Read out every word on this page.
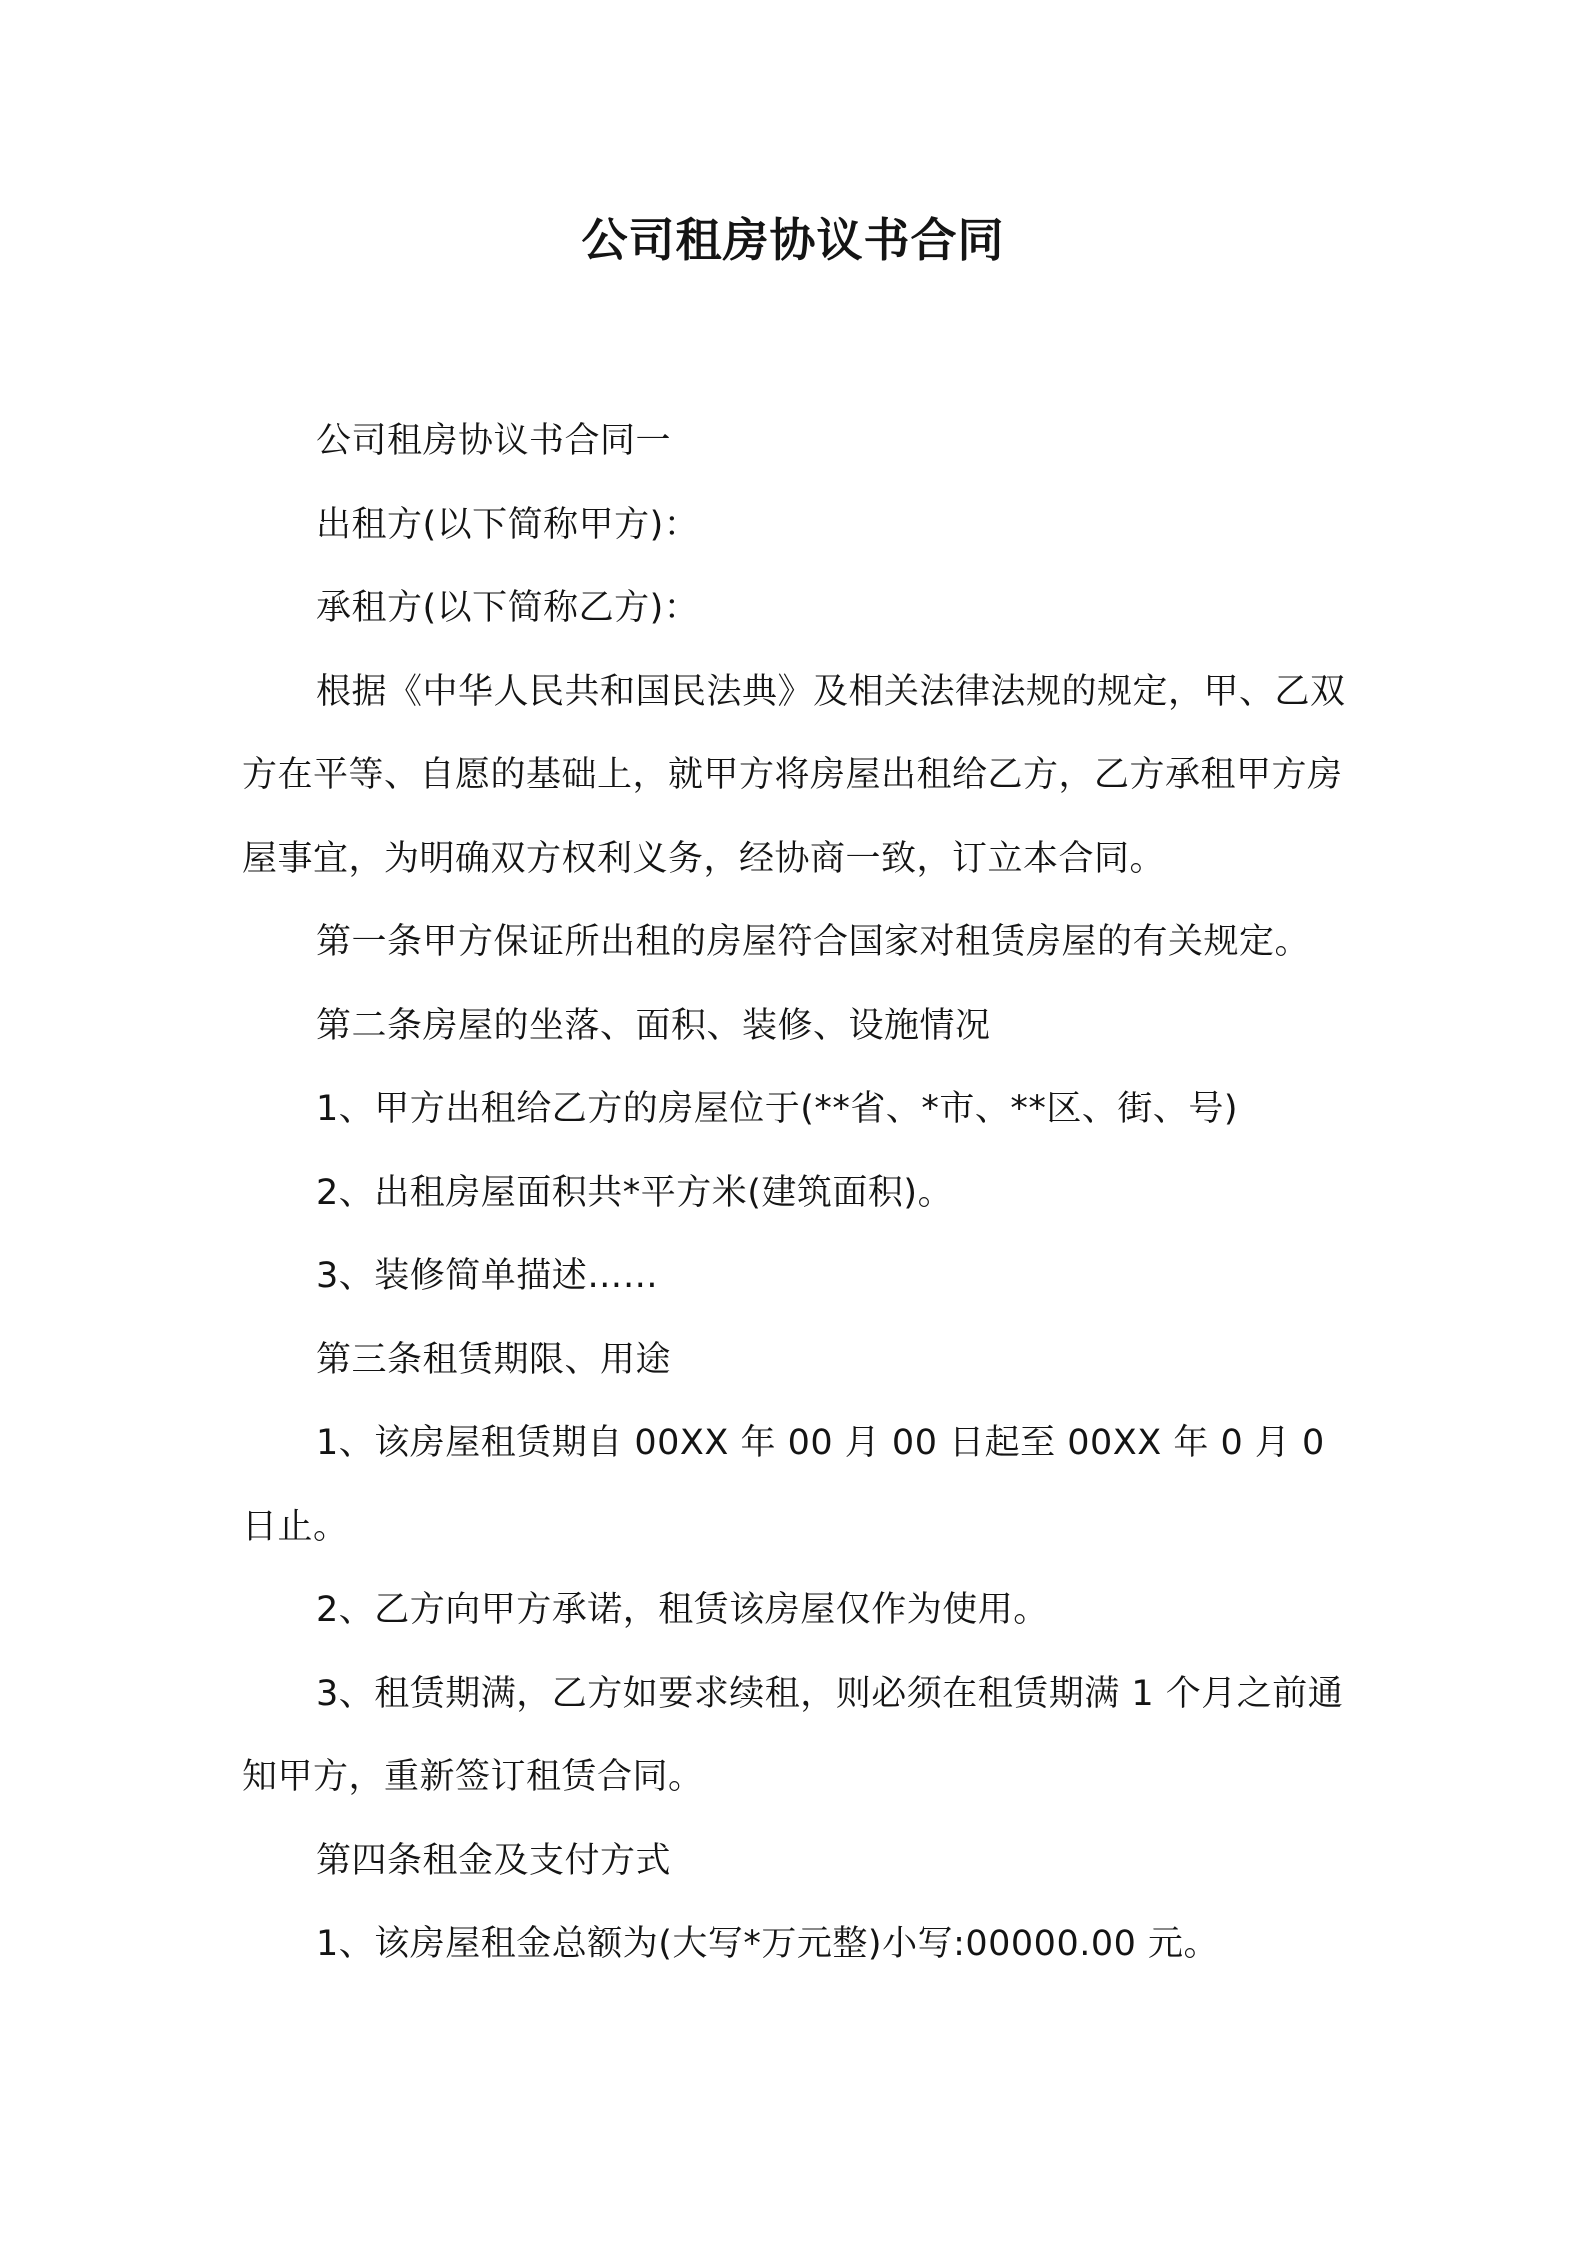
公司租房协议书合同

公司租房协议书合同一

出租方(以下简称甲方)：

承租方(以下简称乙方)：

根据《中华人民共和国民法典》及相关法律法规的规定，甲、乙双方在平等、自愿的基础上，就甲方将房屋出租给乙方，乙方承租甲方房屋事宜，为明确双方权利义务，经协商一致，订立本合同。

第一条甲方保证所出租的房屋符合国家对租赁房屋的有关规定。

第二条房屋的坐落、面积、装修、设施情况

1、甲方出租给乙方的房屋位于(**省、*市、**区、街、号)

2、出租房屋面积共*平方米(建筑面积)。

3、装修简单描述……

第三条租赁期限、用途

1、该房屋租赁期自 00XX 年 00 月 00 日起至 00XX 年 0 月 0 日止。

2、乙方向甲方承诺，租赁该房屋仅作为使用。

3、租赁期满，乙方如要求续租，则必须在租赁期满 1 个月之前通知甲方，重新签订租赁合同。

第四条租金及支付方式

1、该房屋租金总额为(大写*万元整)小写:00000.00 元。
